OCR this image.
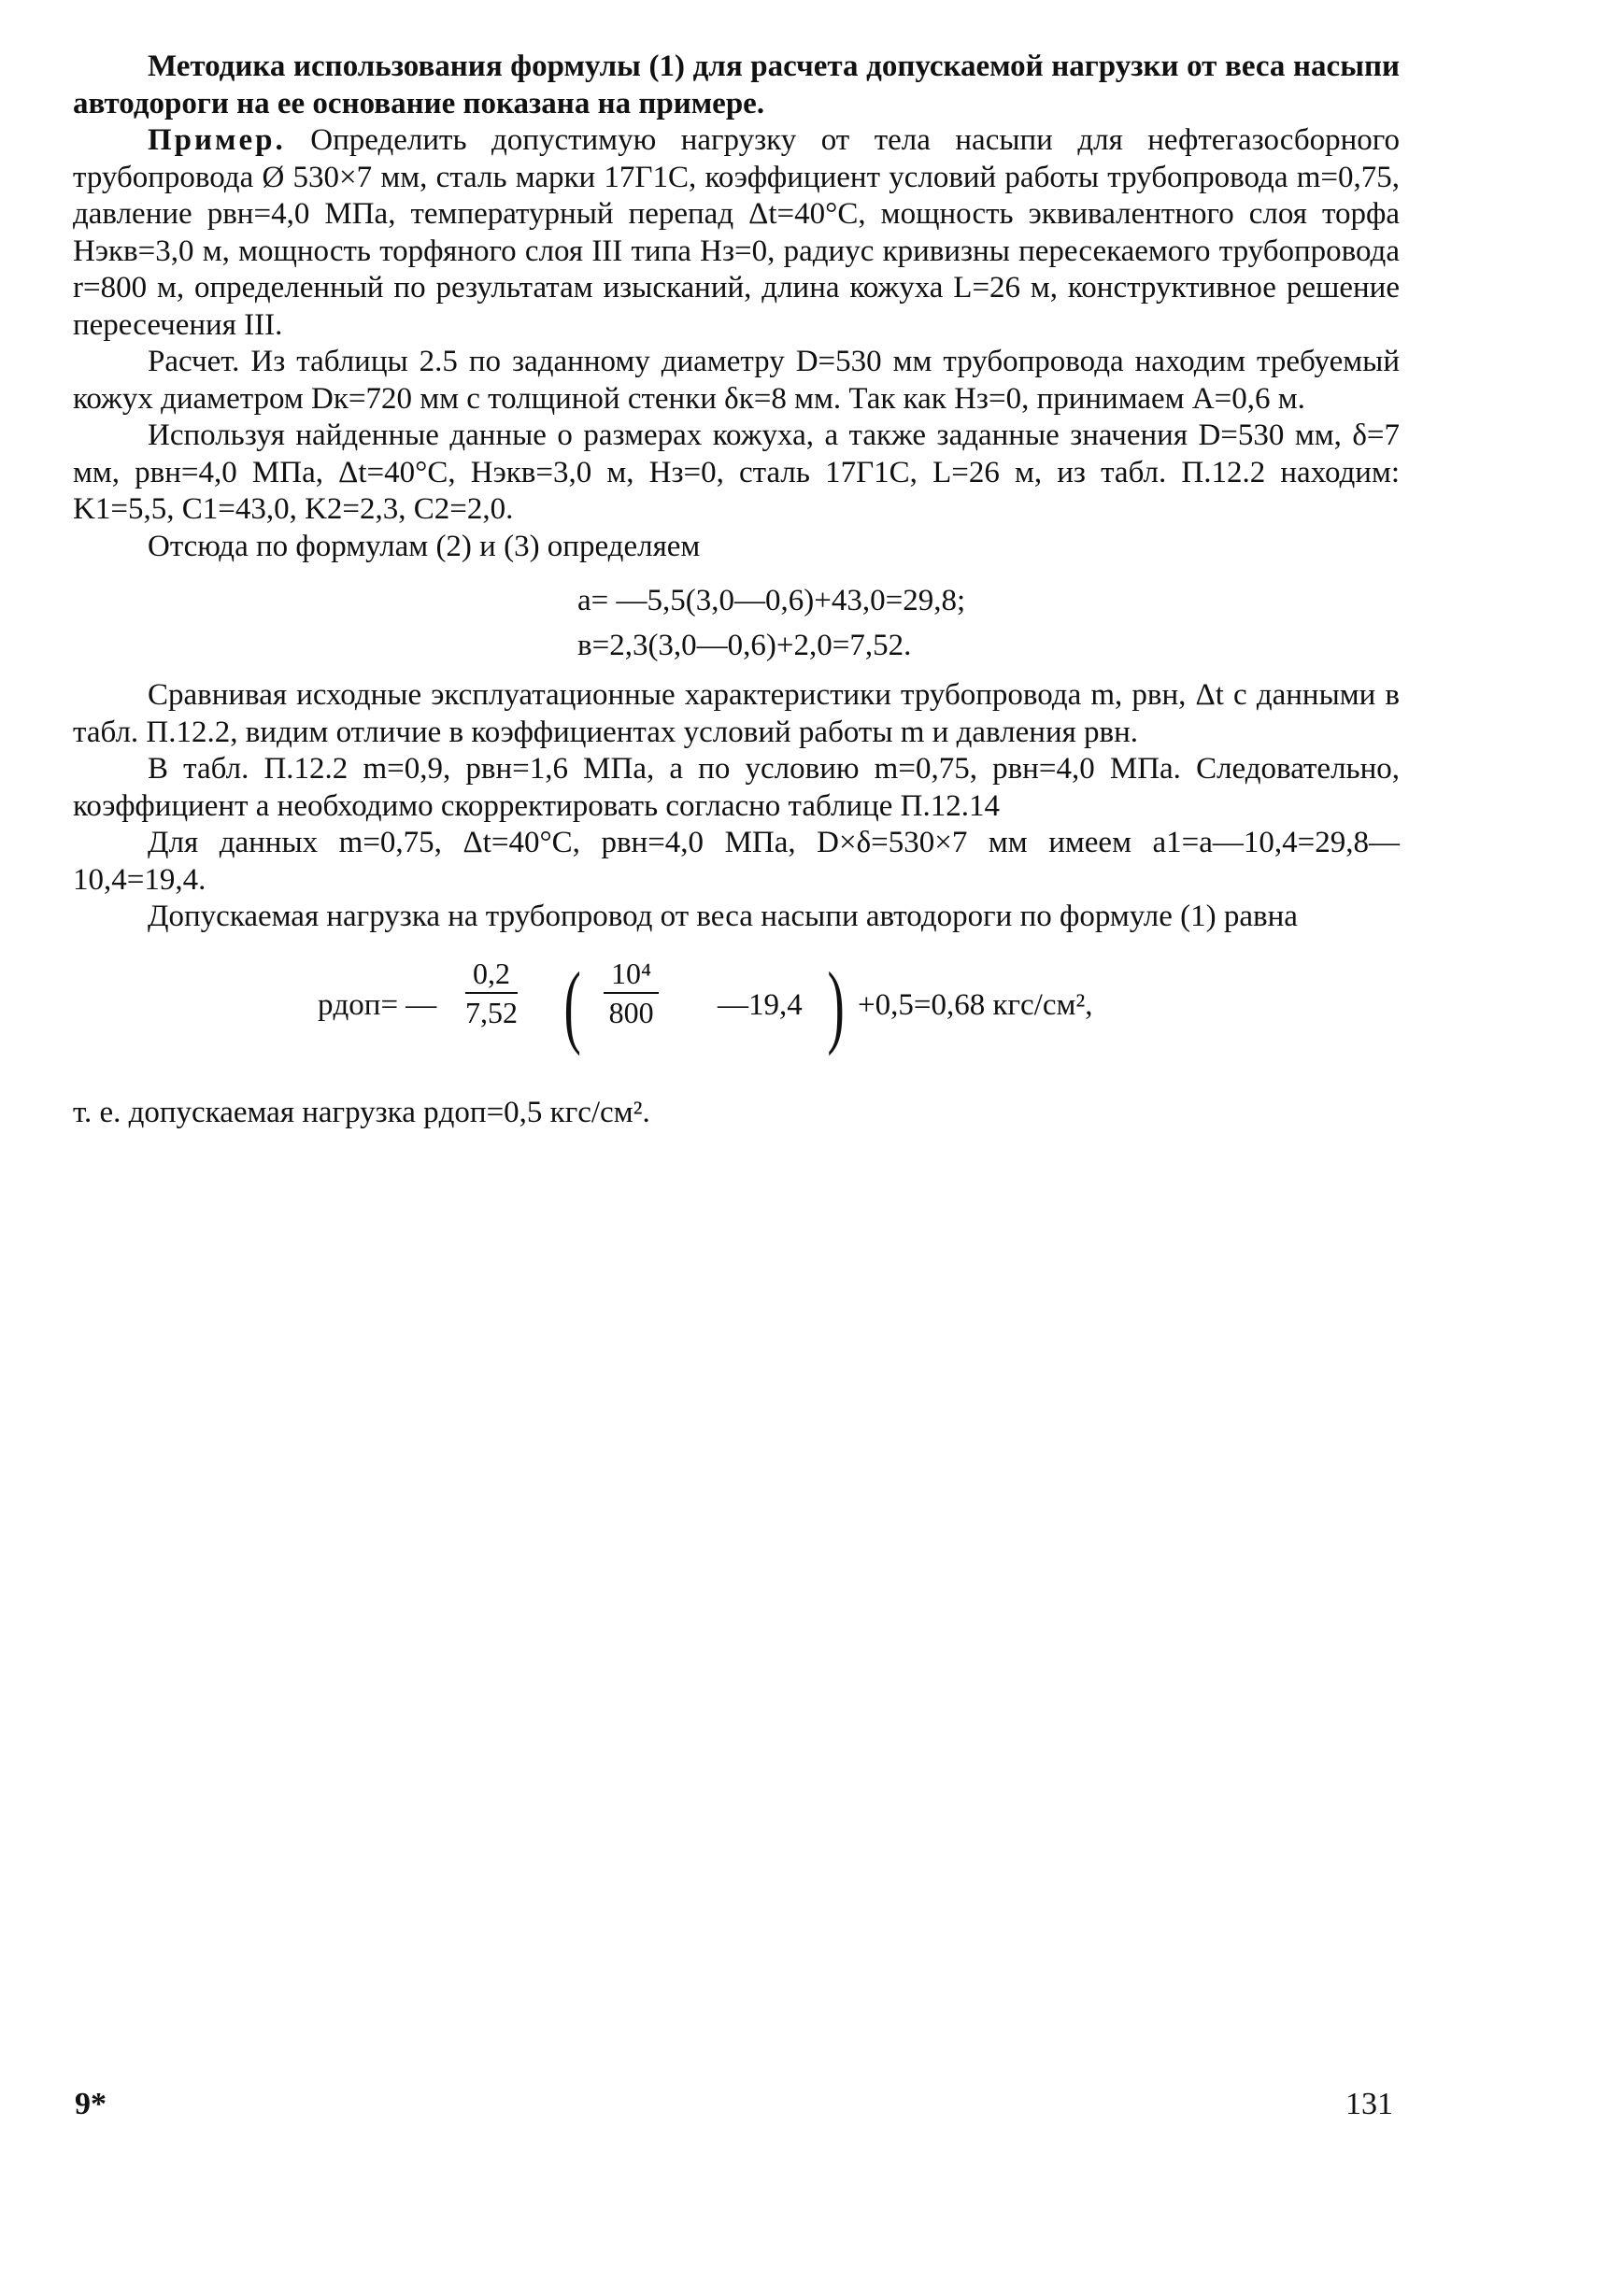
Методика использования формулы (1) для расчета допускаемой нагрузки от веса насыпи автодороги на ее основание показана на примере.

Пример. Определить допустимую нагрузку от тела насыпи для нефтегазосборного трубопровода Ø 530×7 мм, сталь марки 17Г1С, коэффициент условий работы трубопровода m=0,75, давление pвн=4,0 МПа, температурный перепад Δt=40°С, мощность эквивалентного слоя торфа Hэкв=3,0 м, мощность торфяного слоя III типа Hз=0, радиус кривизны пересекаемого трубопровода r=800 м, определенный по результатам изысканий, длина кожуха L=26 м, конструктивное решение пересечения III.

Расчет. Из таблицы 2.5 по заданному диаметру D=530 мм трубопровода находим требуемый кожух диаметром Dк=720 мм с толщиной стенки δк=8 мм. Так как Hз=0, принимаем A=0,6 м.

Используя найденные данные о размерах кожуха, а также заданные значения D=530 мм, δ=7 мм, pвн=4,0 МПа, Δt=40°С, Hэкв=3,0 м, Hз=0, сталь 17Г1С, L=26 м, из табл. П.12.2 находим: K1=5,5, C1=43,0, K2=2,3, C2=2,0.

Отсюда по формулам (2) и (3) определяем

a= —5,5(3,0—0,6)+43,0=29,8;
в=2,3(3,0—0,6)+2,0=7,52.

Сравнивая исходные эксплуатационные характеристики трубопровода m, pвн, Δt с данными в табл. П.12.2, видим отличие в коэффициентах условий работы m и давления pвн.

В табл. П.12.2 m=0,9, pвн=1,6 МПа, а по условию m=0,75, pвн=4,0 МПа. Следовательно, коэффициент a необходимо скорректировать согласно таблице П.12.14

Для данных m=0,75, Δt=40°С, pвн=4,0 МПа, D×δ=530×7 мм имеем a1=a—10,4=29,8—10,4=19,4.

Допускаемая нагрузка на трубопровод от веса насыпи автодороги по формуле (1) равна

pдоп= — $\frac{0,2}{7,52}$ ( $\frac{\text{10⁴}}{800}$ —19,4 ) +0,5=0,68 кгс/см²,

т. е. допускаемая нагрузка pдоп=0,5 кгс/см².

9*	131
